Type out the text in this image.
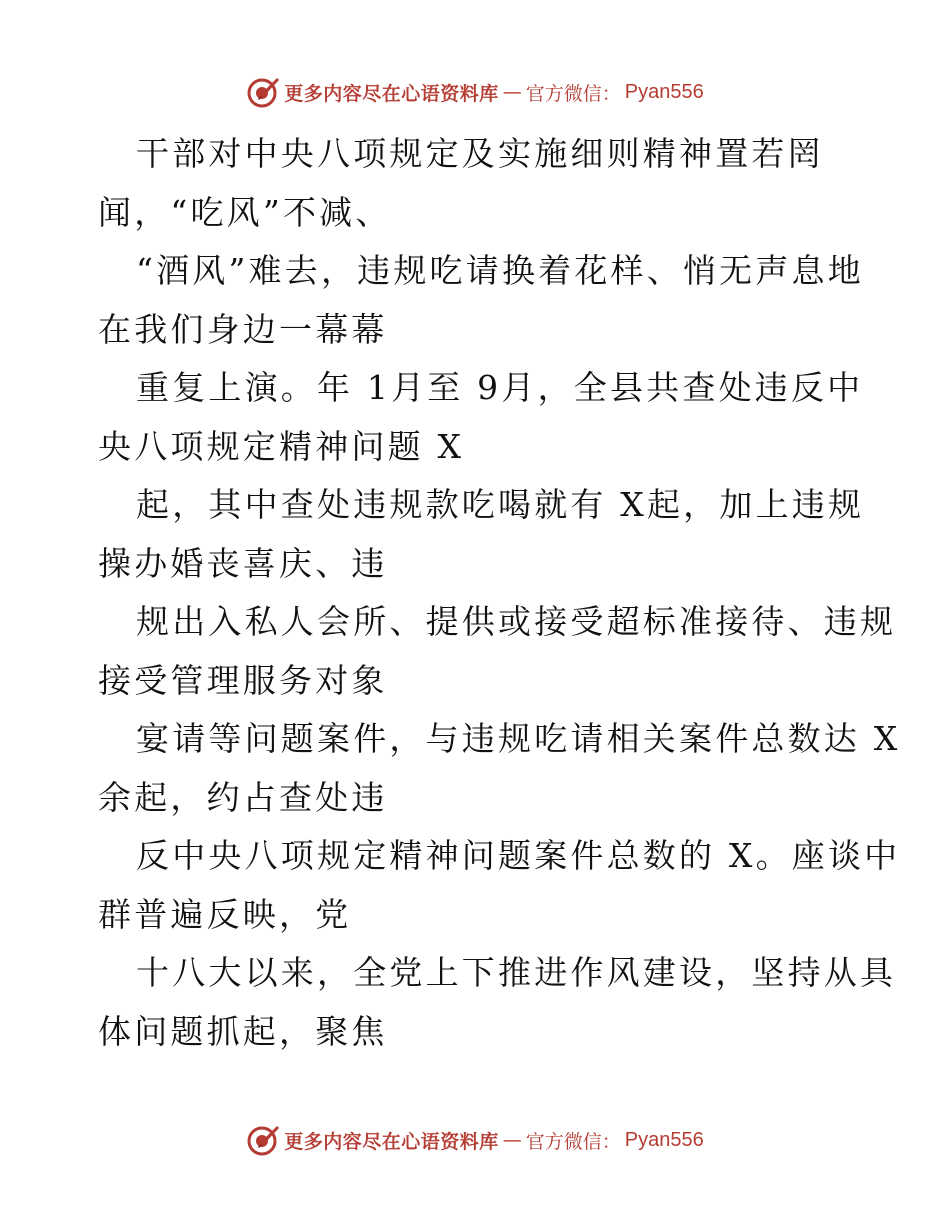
更多内容尽在心语资料库 — 官方微信： Pyan556
干部对中央八项规定及实施细则精神置若罔
闻，“吃风”不减、
“酒风”难去，违规吃请换着花样、悄无声息地
在我们身边一幕幕
重复上演。年 1月至 9月，全县共查处违反中
央八项规定精神问题 X
起，其中查处违规款吃喝就有 X起，加上违规
操办婚丧喜庆、违
规出入私人会所、提供或接受超标准接待、违规
接受管理服务对象
宴请等问题案件，与违规吃请相关案件总数达 X
余起，约占查处违
反中央八项规定精神问题案件总数的 X。座谈中
群普遍反映，党
十八大以来，全党上下推进作风建设，坚持从具
体问题抓起，聚焦
更多内容尽在心语资料库 — 官方微信： Pyan556
